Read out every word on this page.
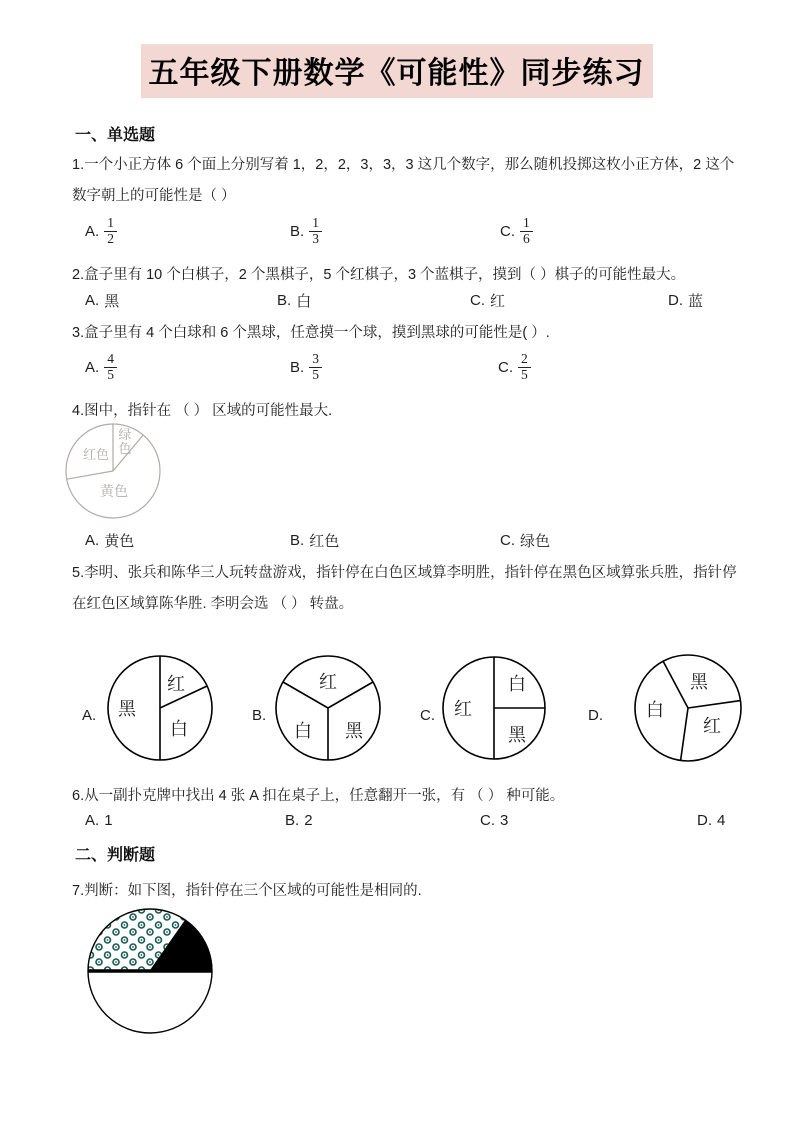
五年级下册数学《可能性》同步练习
一、单选题
1.一个小正方体 6 个面上分别写着 1，2，2，3，3，3 这几个数字，那么随机投掷这枚小正方体，2 这个数字朝上的可能性是（ ）
A. $\frac{1}{2}$	B. $\frac{1}{3}$	C. $\frac{1}{6}$
2.盒子里有 10 个白棋子，2 个黑棋子，5 个红棋子，3 个蓝棋子，摸到（ ）棋子的可能性最大。
A. 黑	B. 白	C. 红	D. 蓝
3.盒子里有 4 个白球和 6 个黑球，任意摸一个球，摸到黑球的可能性是( ）.
A. $\frac{4}{5}$	B. $\frac{3}{5}$	C. $\frac{2}{5}$
4.图中，指针在 （ ） 区域的可能性最大.
红色
绿色
黄色
A. 黄色	B. 红色	C. 绿色
5.李明、张兵和陈华三人玩转盘游戏，指针停在白色区域算李明胜，指针停在黑色区域算张兵胜，指针停在红色区域算陈华胜. 李明会选 （ ） 转盘。
A. 黑
红
白
B.
红
白 黑
C. 红
白
黑
D. 白
黑
红
6.从一副扑克牌中找出 4 张 A 扣在桌子上，任意翻开一张，有 （ ） 种可能。
A. 1	B. 2	C. 3	D. 4
二、判断题
7.判断：如下图，指针停在三个区域的可能性是相同的.
